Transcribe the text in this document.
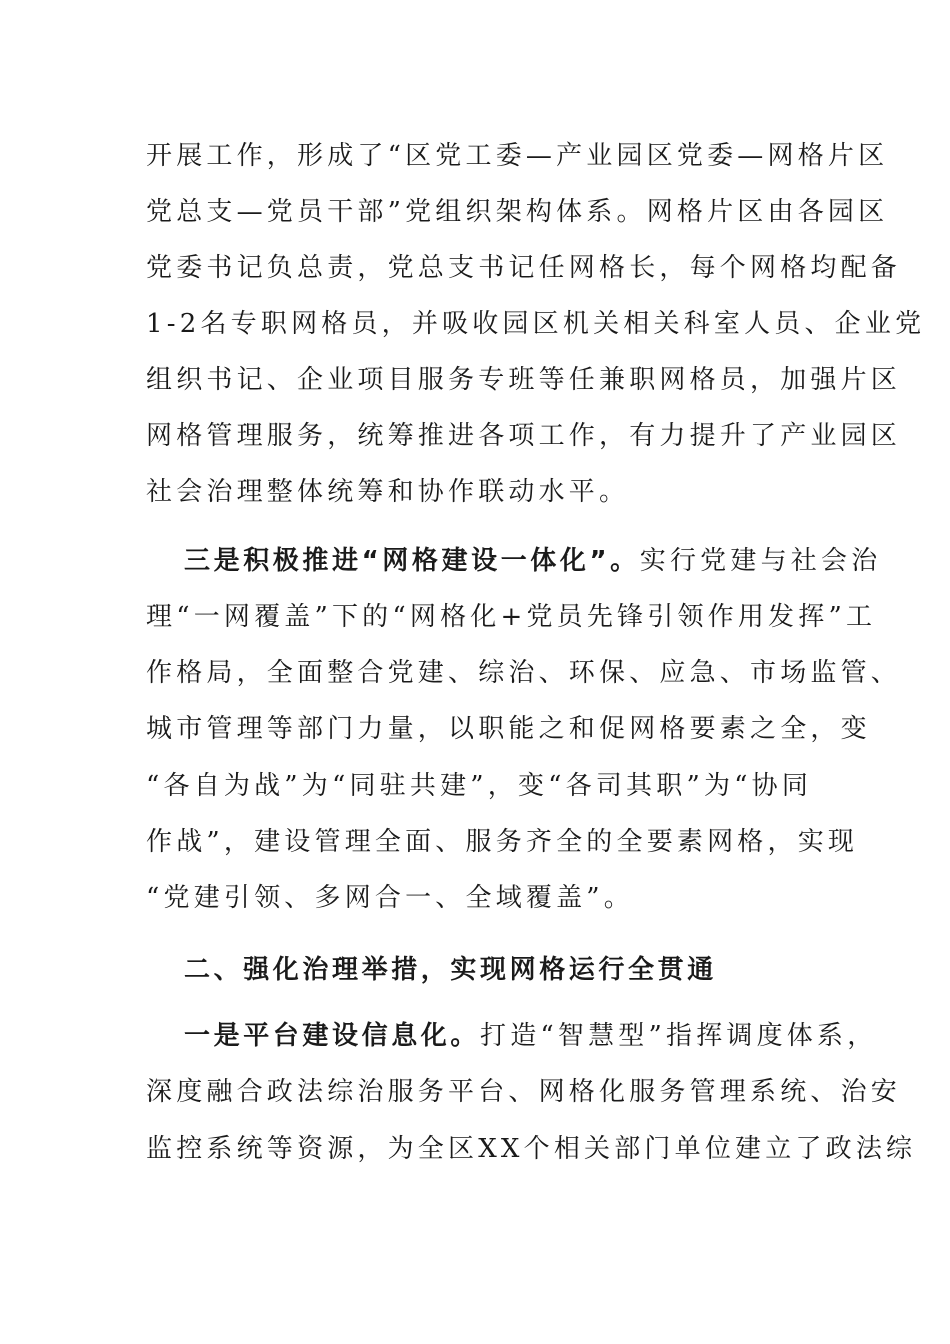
开展工作，形成了“区党工委—产业园区党委—网格片区
党总支—党员干部”党组织架构体系。网格片区由各园区
党委书记负总责，党总支书记任网格长，每个网格均配备
1-2名专职网格员，并吸收园区机关相关科室人员、企业党
组织书记、企业项目服务专班等任兼职网格员，加强片区
网格管理服务，统筹推进各项工作，有力提升了产业园区
社会治理整体统筹和协作联动水平。
三是积极推进“网格建设一体化”。实行党建与社会治
理“一网覆盖”下的“网格化+党员先锋引领作用发挥”工
作格局，全面整合党建、综治、环保、应急、市场监管、
城市管理等部门力量，以职能之和促网格要素之全，变
“各自为战”为“同驻共建”，变“各司其职”为“协同
作战”，建设管理全面、服务齐全的全要素网格，实现
“党建引领、多网合一、全域覆盖”。
二、强化治理举措，实现网格运行全贯通
一是平台建设信息化。打造“智慧型”指挥调度体系，
深度融合政法综治服务平台、网格化服务管理系统、治安
监控系统等资源，为全区XX个相关部门单位建立了政法综
